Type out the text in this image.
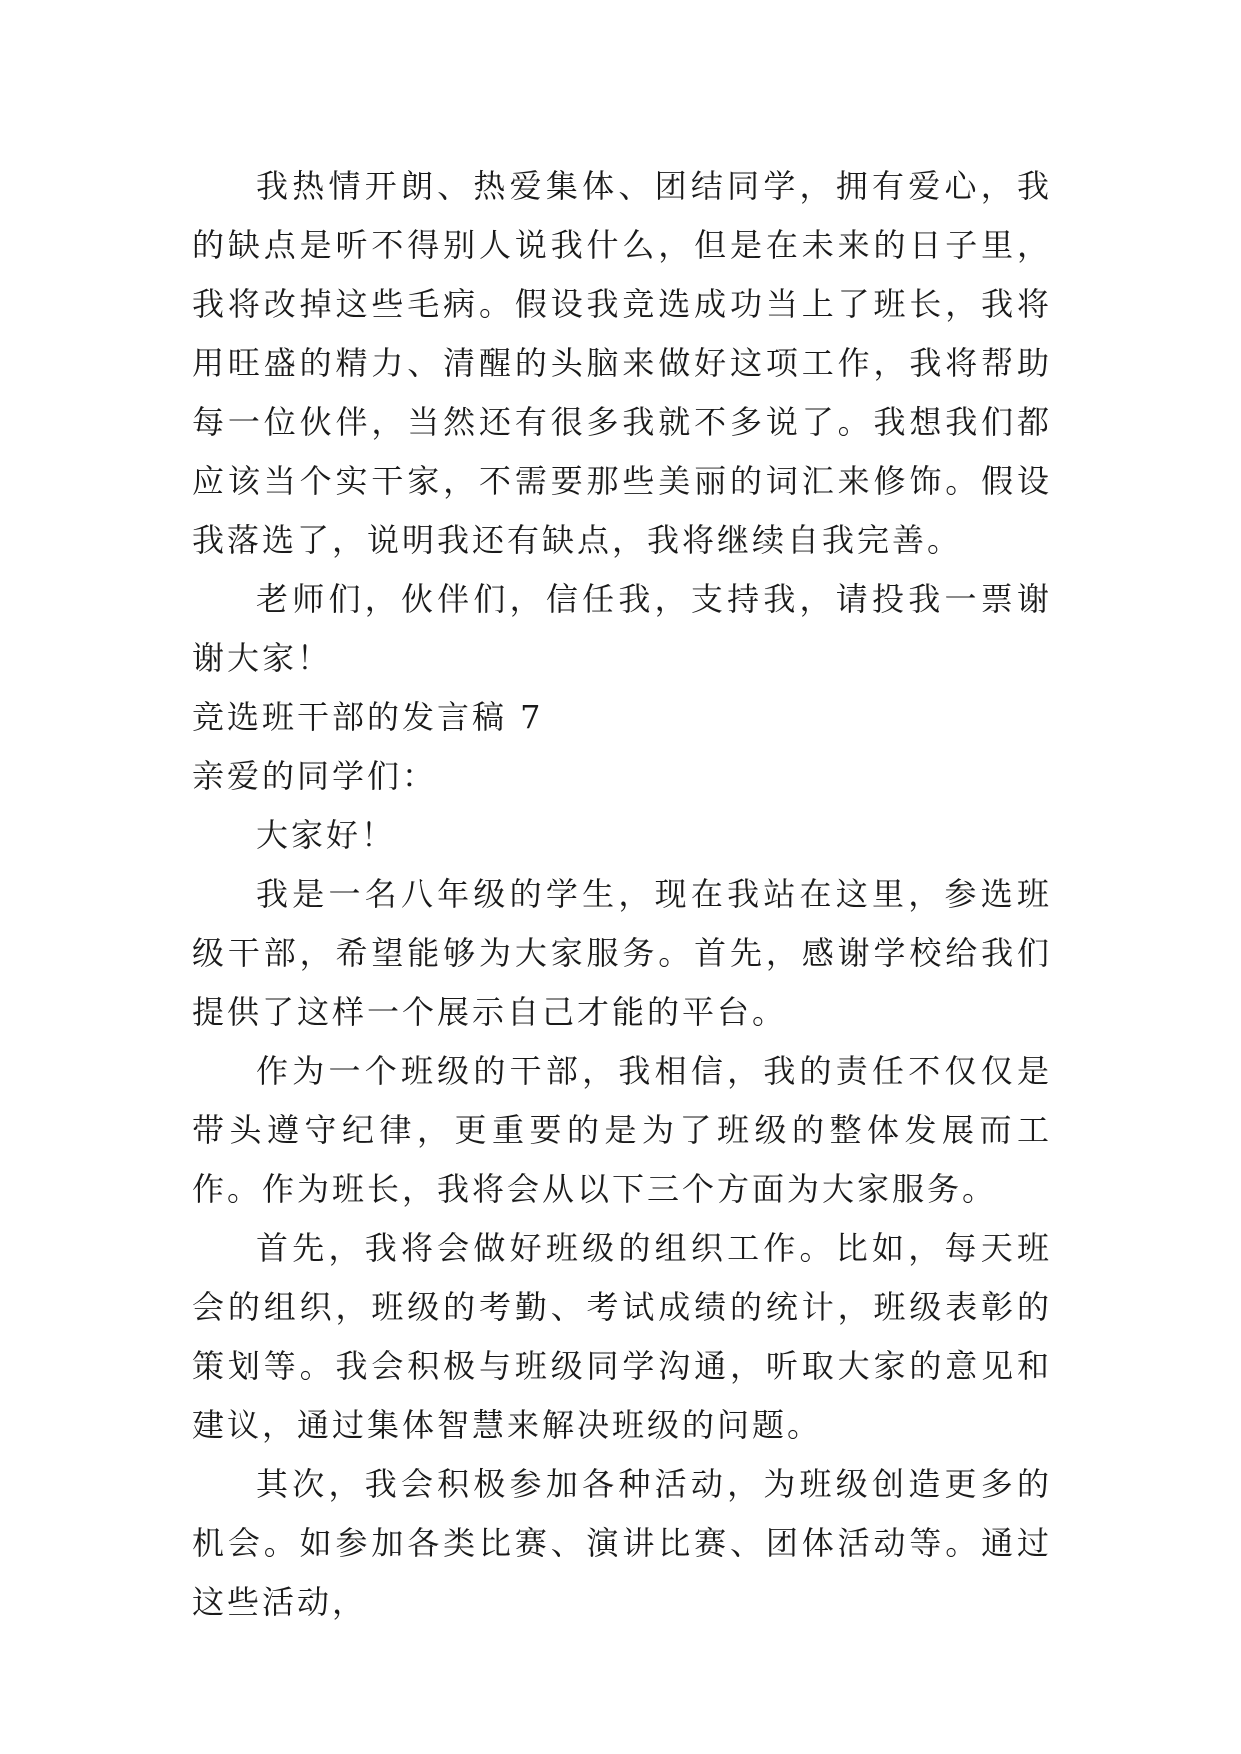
我热情开朗、热爱集体、团结同学，拥有爱心，我的缺点是听不得别人说我什么，但是在未来的日子里，我将改掉这些毛病。假设我竞选成功当上了班长，我将用旺盛的精力、清醒的头脑来做好这项工作，我将帮助每一位伙伴，当然还有很多我就不多说了。我想我们都应该当个实干家，不需要那些美丽的词汇来修饰。假设我落选了，说明我还有缺点，我将继续自我完善。

老师们，伙伴们，信任我，支持我，请投我一票谢谢大家！

竞选班干部的发言稿 7

亲爱的同学们：

大家好！

我是一名八年级的学生，现在我站在这里，参选班级干部，希望能够为大家服务。首先，感谢学校给我们提供了这样一个展示自己才能的平台。

作为一个班级的干部，我相信，我的责任不仅仅是带头遵守纪律，更重要的是为了班级的整体发展而工作。作为班长，我将会从以下三个方面为大家服务。

首先，我将会做好班级的组织工作。比如，每天班会的组织，班级的考勤、考试成绩的统计，班级表彰的策划等。我会积极与班级同学沟通，听取大家的意见和建议，通过集体智慧来解决班级的问题。

其次，我会积极参加各种活动，为班级创造更多的机会。如参加各类比赛、演讲比赛、团体活动等。通过这些活动，
